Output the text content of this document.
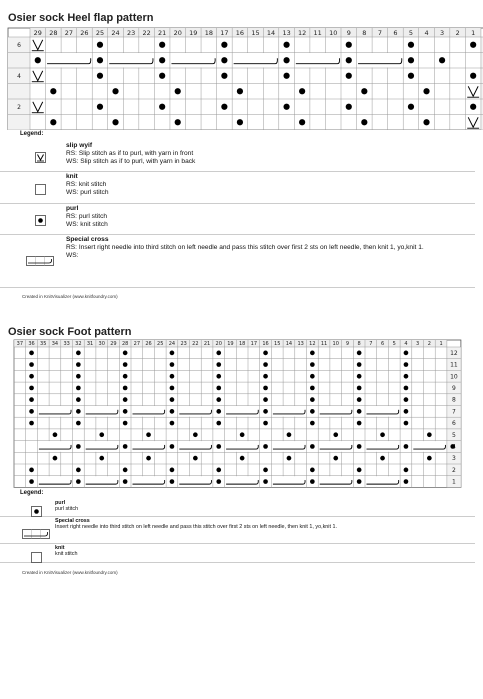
Osier sock Heel flap pattern
29 28 27 26 25 24 23 22 21 20 19 18 17 16 15 14 13 12 11 10 9 8 7 6 5 4 3 2 1
6
4
2
Legend:
slip wyif
RS: Slip stitch as if to purl, with yarn in front
WS: Slip stitch as if to purl, with yarn in back
knit
RS: knit stitch
WS: purl stitch
purl
RS: purl stitch
WS: knit stitch
Special cross
RS: Insert right needle into third stitch on left needle and pass this stitch over first 2 sts on left needle, then knit 1, yo,knit 1.
WS:
Created in KnitVisualizer (www.knitfoundry.com)
Osier sock Foot pattern
37 36 35 34 33 32 31 30 29 28 27 26 25 24 23 22 21 20 19 18 17 16 15 14 13 12 11 10 9 8 7 6 5 4 3 2 1
12
11
10
9
8
7
6
5
3
2
1
Legend:
purl
purl stitch
Special cross
Insert right needle into third stitch on left needle and pass this stitch over first 2 sts on left needle, then knit 1, yo,knit 1.
knit
knit stitch
Created in KnitVisualizer (www.knitfoundry.com)
